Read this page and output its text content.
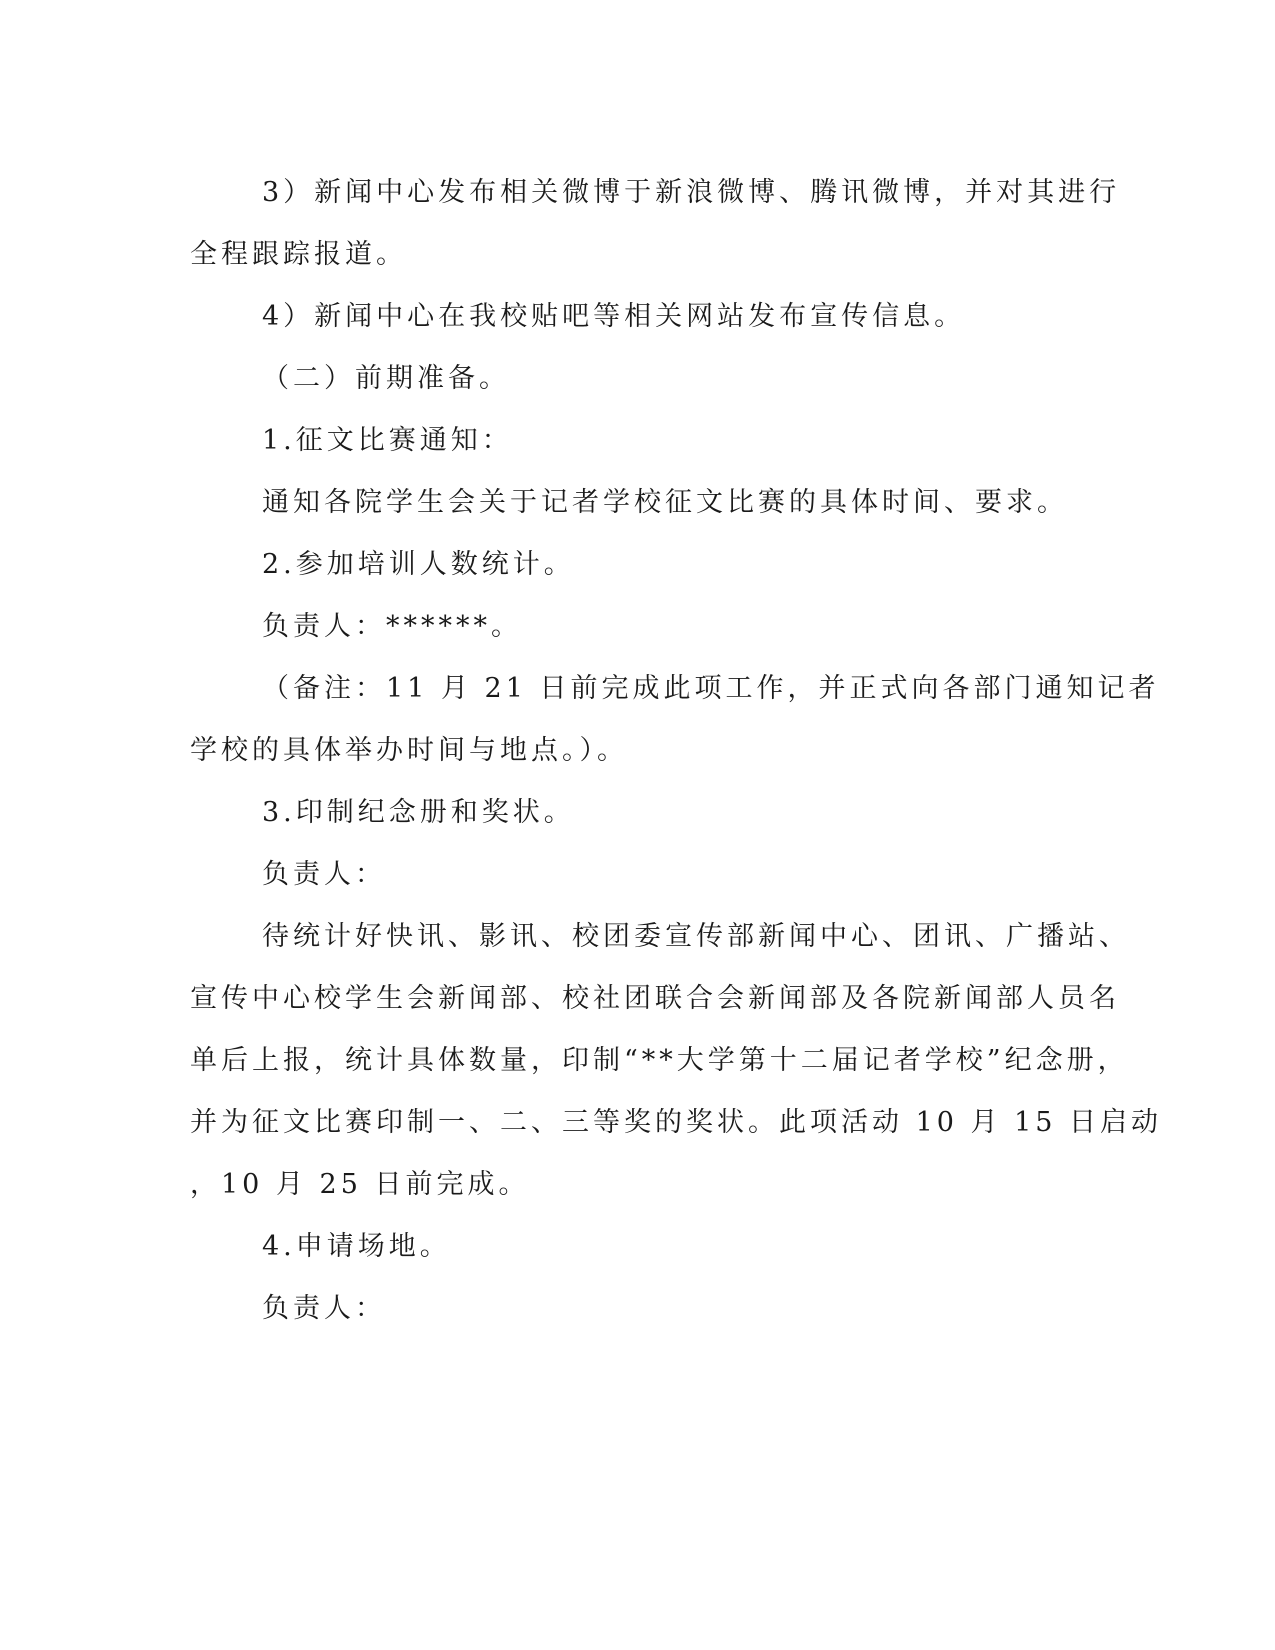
3）新闻中心发布相关微博于新浪微博、腾讯微博，并对其进行
全程跟踪报道。
4）新闻中心在我校贴吧等相关网站发布宣传信息。
（二）前期准备。
1.征文比赛通知：
通知各院学生会关于记者学校征文比赛的具体时间、要求。
2.参加培训人数统计。
负责人：******。
（备注：11 月 21 日前完成此项工作，并正式向各部门通知记者
学校的具体举办时间与地点。）。
3.印制纪念册和奖状。
负责人：
待统计好快讯、影讯、校团委宣传部新闻中心、团讯、广播站、
宣传中心校学生会新闻部、校社团联合会新闻部及各院新闻部人员名
单后上报，统计具体数量，印制“**大学第十二届记者学校”纪念册，
并为征文比赛印制一、二、三等奖的奖状。此项活动 10 月 15 日启动
，10 月 25 日前完成。
4.申请场地。
负责人：
